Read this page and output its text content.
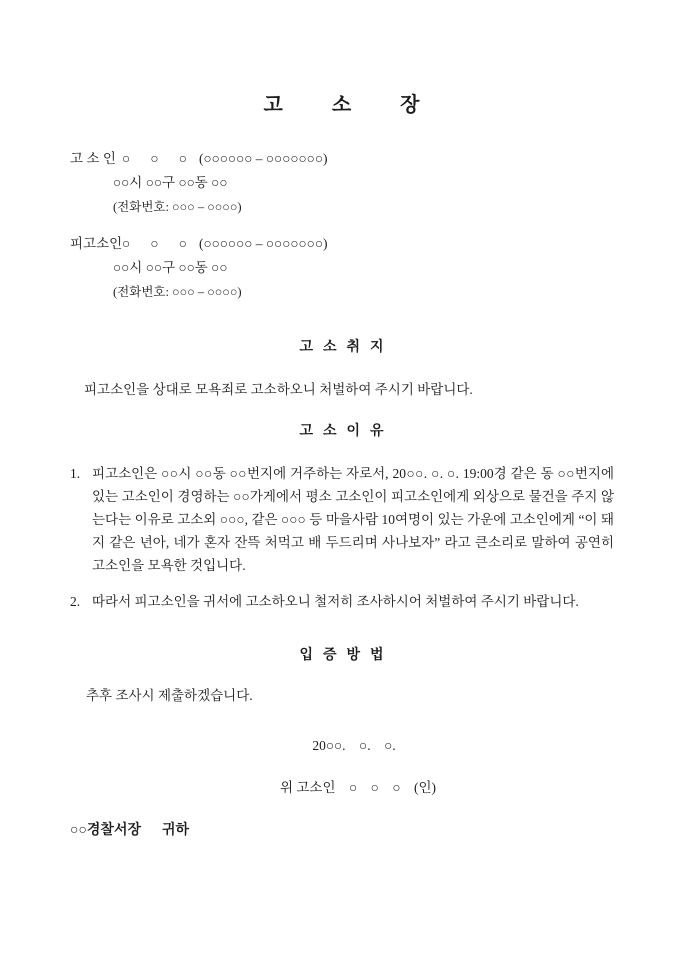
고        소        장
고 소 인 ○      ○      ○ (○○○○○○ – ○○○○○○○)
○○시 ○○구 ○○동 ○○
(전화번호: ○○○ – ○○○○)
피고소인 ○      ○      ○ (○○○○○○ – ○○○○○○○)
○○시 ○○구 ○○동 ○○
(전화번호: ○○○ – ○○○○)
고  소  취  지

피고소인을 상대로 모욕죄로 고소하오니 처벌하여 주시기 바랍니다.

고  소  이  유
1. 피고소인은 ○○시 ○○동 ○○번지에 거주하는 자로서, 20○○. ○. ○. 19:00경 같은 동 ○○번지에 있는 고소인이 경영하는 ○○가게에서 평소 고소인이 피고소인에게 외상으로 물건을 주지 않는다는 이유로 고소외 ○○○, 같은 ○○○ 등 마을사람 10여명이 있는 가운에 고소인에게 “이 돼지 같은 년아, 네가 혼자 잔뜩 처먹고 배 두드리며 사나보자” 라고 큰소리로 말하여 공연히 고소인을 모욕한 것입니다.
2. 따라서 피고소인을 귀서에 고소하오니 철저히 조사하시어 처벌하여 주시기 바랍니다.
입  증  방  법

추후 조사시 제출하겠습니다.

20○○.    ○.    ○.
위 고소인    ○    ○    ○    (인)
○○경찰서장      귀하
